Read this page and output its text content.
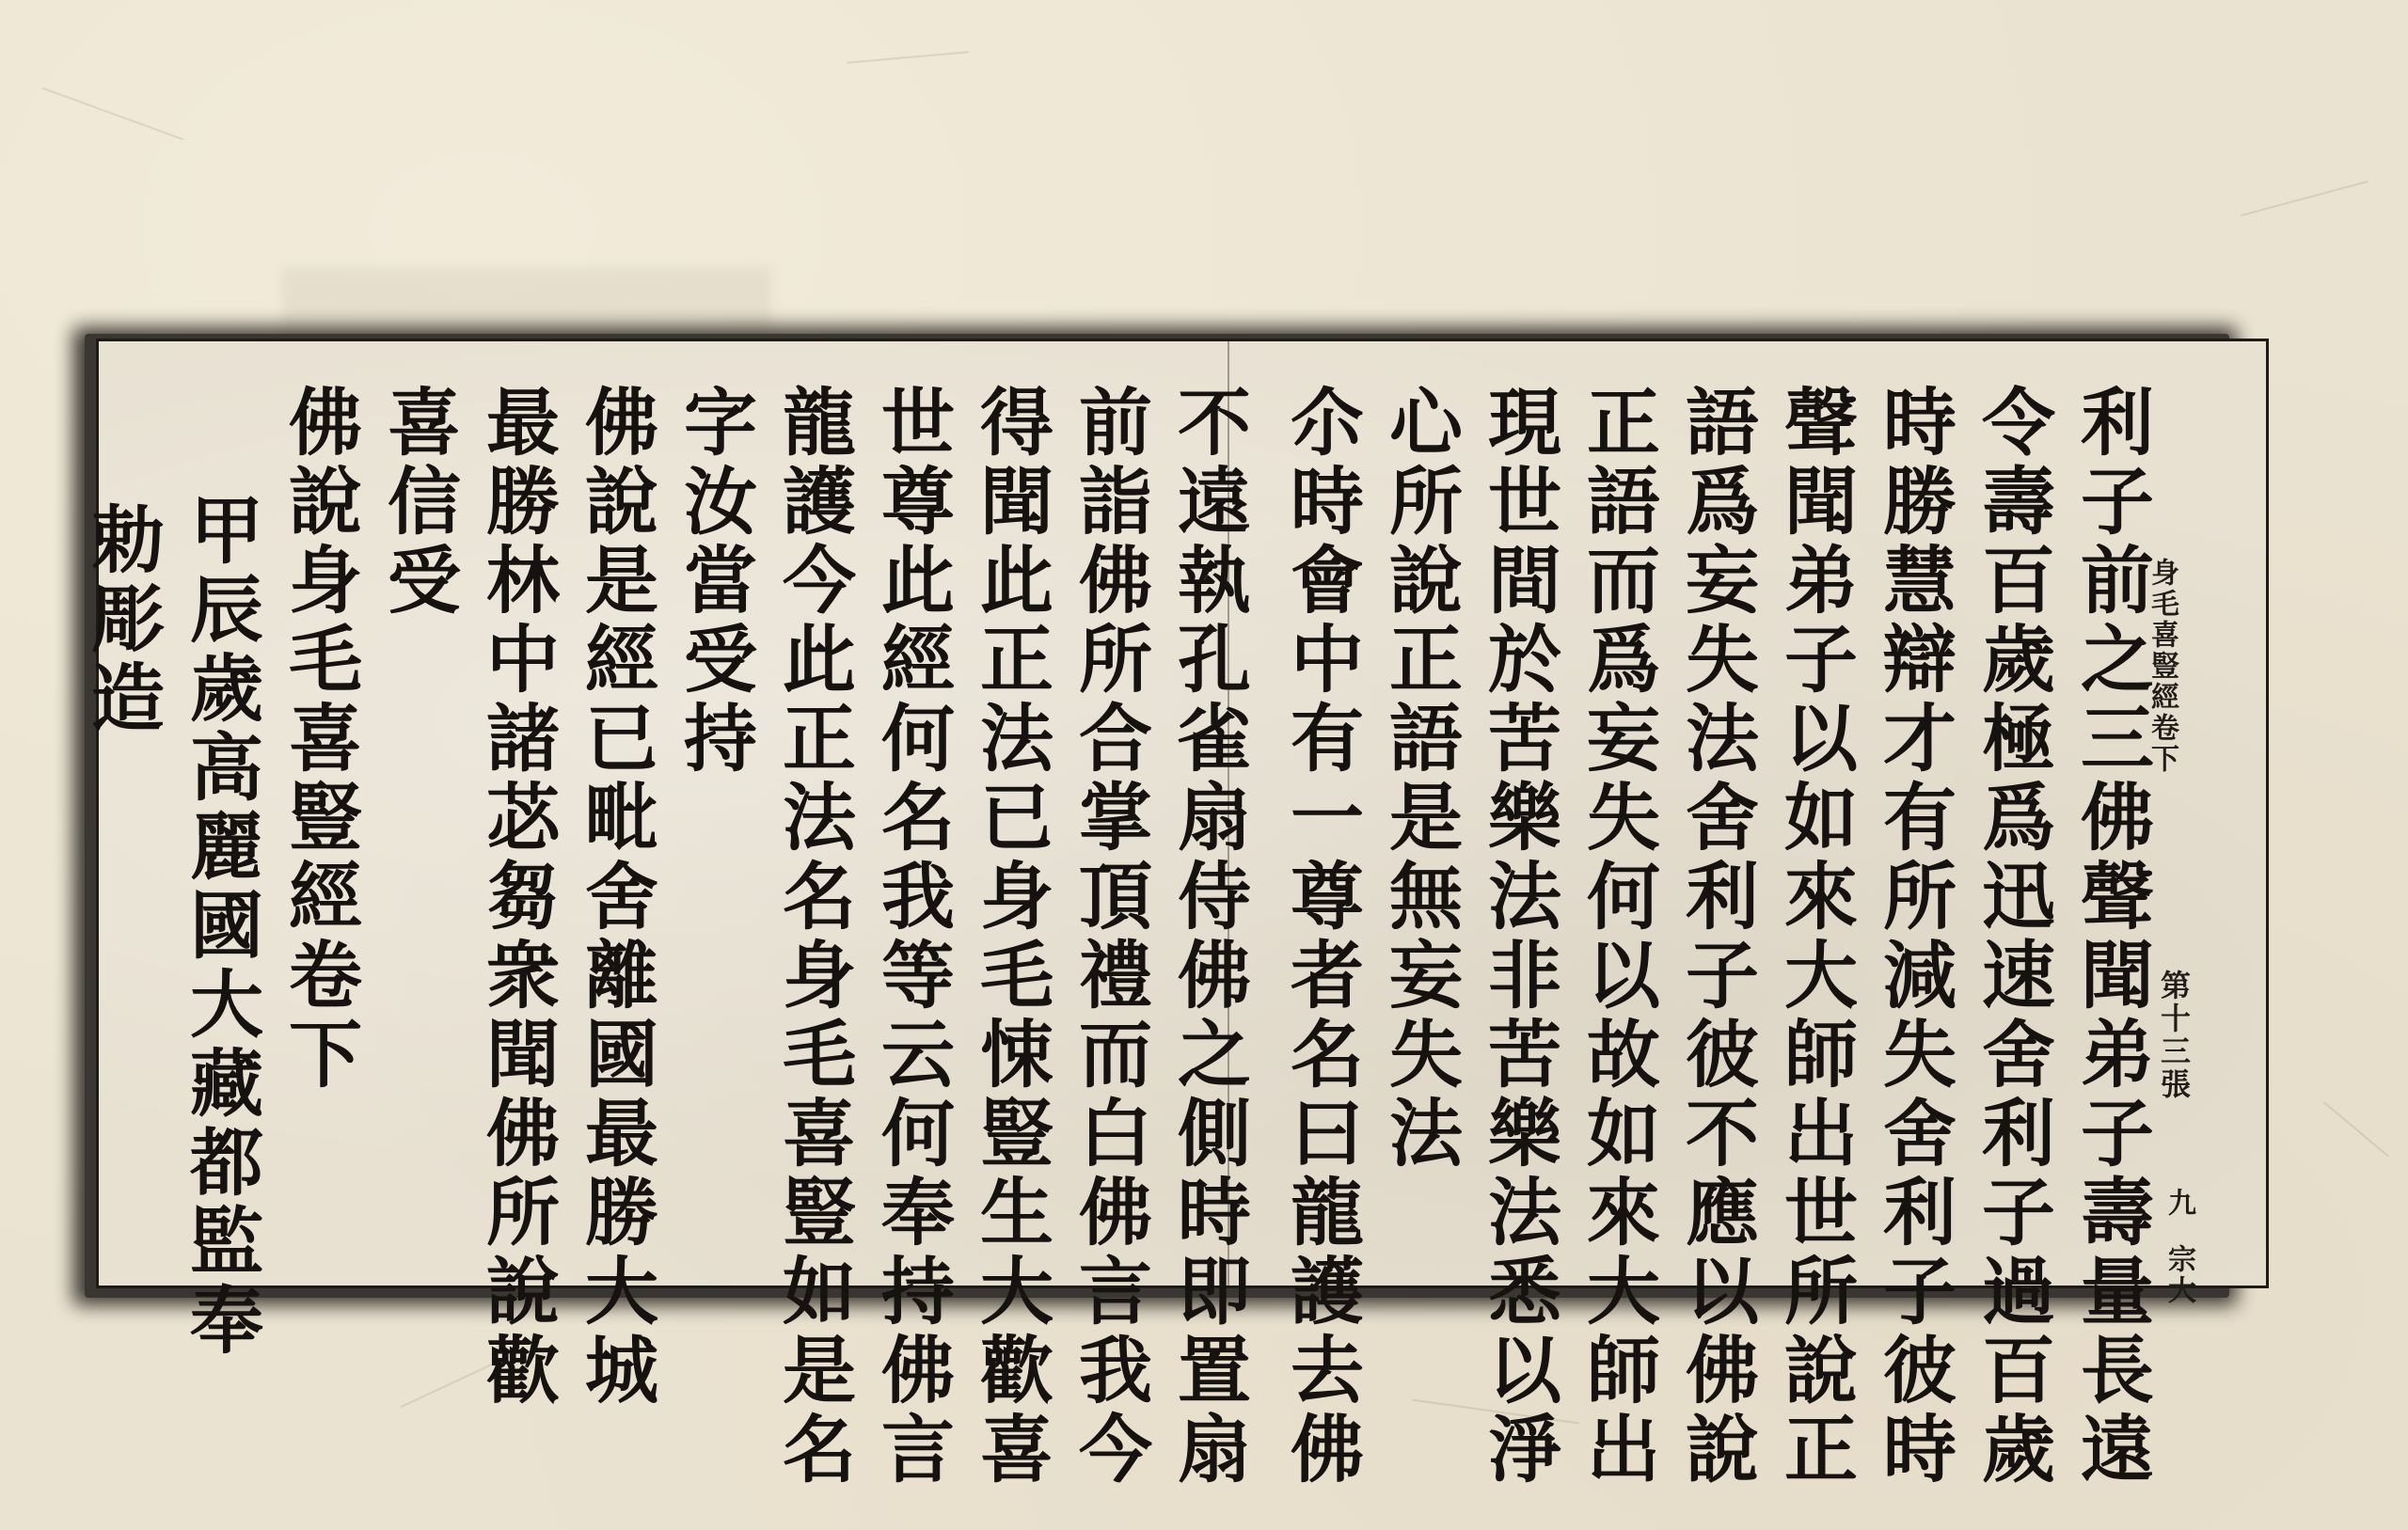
身毛喜豎經卷下
第十三張
九
宗大
利子前之三佛聲聞弟子壽量長遠
令壽百歲極爲迅速舍利子過百歲
時勝慧辯才有所減失舍利子彼時
聲聞弟子以如來大師出世所說正
語爲妄失法舍利子彼不應以佛說
正語而爲妄失何以故如來大師出
現世間於苦樂法非苦樂法悉以淨
心所說正語是無妄失法
尒時會中有一尊者名曰龍護去佛
不遠執孔雀扇侍佛之側時即置扇
前詣佛所合掌頂禮而白佛言我今
得聞此正法已身毛悚豎生大歡喜
世尊此經何名我等云何奉持佛言
龍護今此正法名身毛喜豎如是名
字汝當受持
佛說是經已毗舍離國最勝大城
最勝林中諸苾芻衆聞佛所說歡
喜信受
佛說身毛喜豎經卷下
甲辰歲高麗國大藏都監奉
勅彫造
